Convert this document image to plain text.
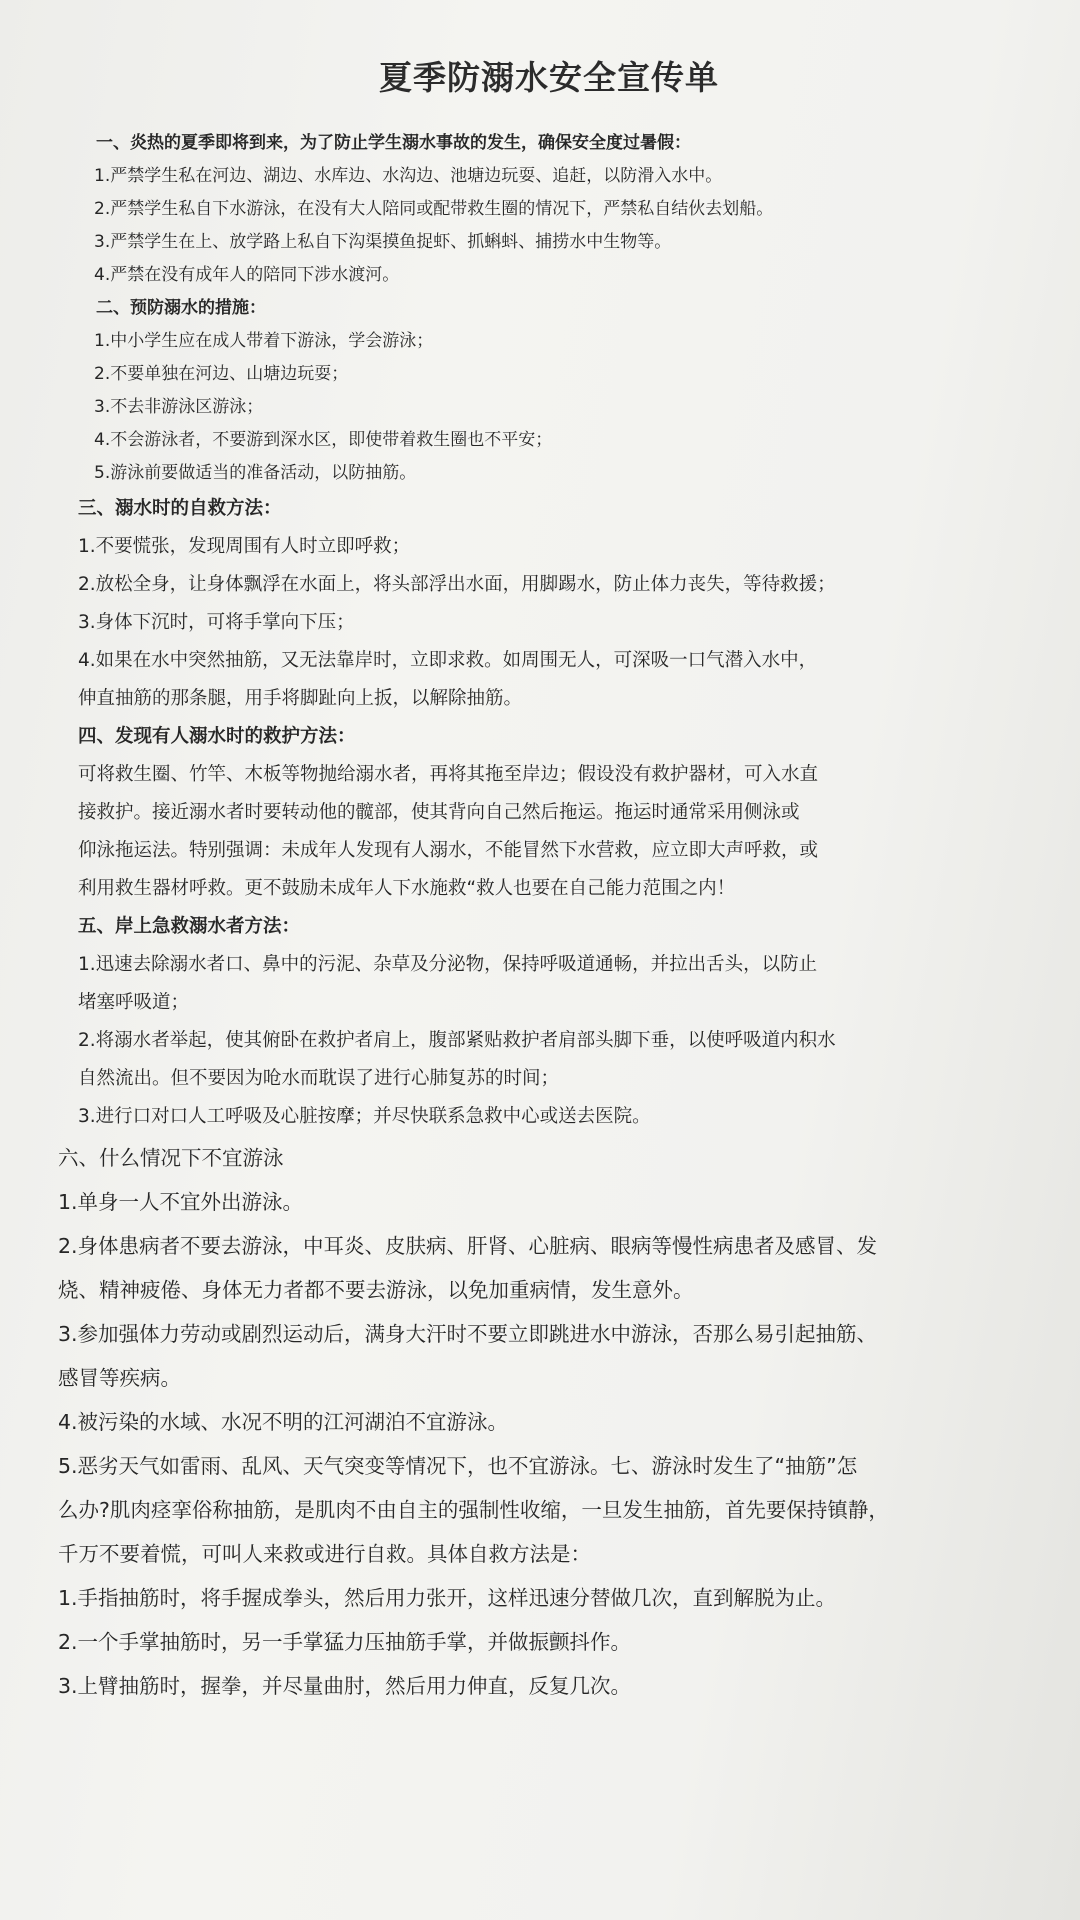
夏季防溺水安全宣传单

一、炎热的夏季即将到来，为了防止学生溺水事故的发生，确保安全度过暑假：

1.严禁学生私在河边、湖边、水库边、水沟边、池塘边玩耍、追赶，以防滑入水中。

2.严禁学生私自下水游泳，在没有大人陪同或配带救生圈的情况下，严禁私自结伙去划船。

3.严禁学生在上、放学路上私自下沟渠摸鱼捉虾、抓蝌蚪、捕捞水中生物等。

4.严禁在没有成年人的陪同下涉水渡河。

二、预防溺水的措施：

1.中小学生应在成人带着下游泳，学会游泳；

2.不要单独在河边、山塘边玩耍；

3.不去非游泳区游泳；

4.不会游泳者，不要游到深水区，即使带着救生圈也不平安；

5.游泳前要做适当的准备活动，以防抽筋。

三、溺水时的自救方法：

1.不要慌张，发现周围有人时立即呼救；

2.放松全身，让身体飘浮在水面上，将头部浮出水面，用脚踢水，防止体力丧失，等待救援；

3.身体下沉时，可将手掌向下压；

4.如果在水中突然抽筋，又无法靠岸时，立即求救。如周围无人，可深吸一口气潜入水中，

伸直抽筋的那条腿，用手将脚趾向上扳，以解除抽筋。

四、发现有人溺水时的救护方法：

可将救生圈、竹竿、木板等物抛给溺水者，再将其拖至岸边；假设没有救护器材，可入水直

接救护。接近溺水者时要转动他的髋部，使其背向自己然后拖运。拖运时通常采用侧泳或

仰泳拖运法。特别强调：未成年人发现有人溺水，不能冒然下水营救，应立即大声呼救，或

利用救生器材呼救。更不鼓励未成年人下水施救“救人也要在自己能力范围之内！

五、岸上急救溺水者方法：

1.迅速去除溺水者口、鼻中的污泥、杂草及分泌物，保持呼吸道通畅，并拉出舌头，以防止

堵塞呼吸道；

2.将溺水者举起，使其俯卧在救护者肩上，腹部紧贴救护者肩部头脚下垂，以使呼吸道内积水

自然流出。但不要因为呛水而耽误了进行心肺复苏的时间；

3.进行口对口人工呼吸及心脏按摩；并尽快联系急救中心或送去医院。

六、什么情况下不宜游泳

1.单身一人不宜外出游泳。

2.身体患病者不要去游泳，中耳炎、皮肤病、肝肾、心脏病、眼病等慢性病患者及感冒、发

烧、精神疲倦、身体无力者都不要去游泳，以免加重病情，发生意外。

3.参加强体力劳动或剧烈运动后，满身大汗时不要立即跳进水中游泳，否那么易引起抽筋、

感冒等疾病。

4.被污染的水域、水况不明的江河湖泊不宜游泳。

5.恶劣天气如雷雨、乱风、天气突变等情况下，也不宜游泳。七、游泳时发生了“抽筋”怎

么办?肌肉痉挛俗称抽筋，是肌肉不由自主的强制性收缩，一旦发生抽筋，首先要保持镇静，

千万不要着慌，可叫人来救或进行自救。具体自救方法是：

1.手指抽筋时，将手握成拳头，然后用力张开，这样迅速分替做几次，直到解脱为止。

2.一个手掌抽筋时，另一手掌猛力压抽筋手掌，并做振颤抖作。

3.上臂抽筋时，握拳，并尽量曲肘，然后用力伸直，反复几次。
